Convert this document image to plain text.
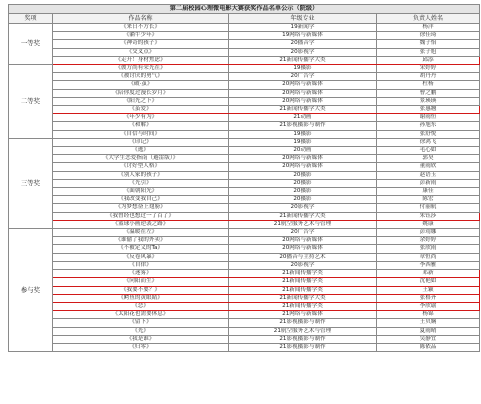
第二届校园心理微电影大赛获奖作品名单公示（院级）			
奖项	作品名称	年级专业	负责人姓名
一等奖	《来日不方长》	19新闻学	杨洋
	《躺牛少年》	19网络与新媒体	徐佳琦
	《神奇的孩子》	20播音学	魏子怡
	《交叉点》	20影视学	张子旭
	《走开！身材焦虑》	21新闻传播学大类	邱添
二等奖	《彼方尚有荣光在》	19摄影	宋婷婷
	《被讨厌的勇气》	20广告学	胡丹丹
	《破·茧》	20网络与新媒体	杜杨
	《陪你度过漫长岁月》	20网络与新媒体	曹之鹏
	《阳光之下》	20网络与新媒体	景瑛瑛
	《茧爱》	21新闻传播学大类	张惠翘
	《年少有为》	21动画	谢雨恒
	《和解》	21影视摄影与制作	孙旭东
	《自信与时间》	19摄影	张舒悦
三等奖	《印记》	19摄影	徐鸿飞
	《逃》	20动画	毛心如
	《大学生恋爱指南（避雷版）》	20网络与新媒体	郭昊
	《讨好型人格》	20网络与新媒体	董雨欣
	《别人家的孩子》	20摄影	赵语玉
	《光引》	20摄影	彭新雨
	《面朝阳光》	20摄影	康佳
	《我改变我自己》	20摄影	陈宏
	《为梦想奋上翅膀》	20影视学	付丽航
	《我曾经也想过一了百了》	21新闻传播学大类	朱钰莎
	《篮球小画逆袭之路》	21航空服务艺术与管理	姚康
参与奖	《温暖在左》	20广告学	彭靖娜
	《谁偷了我的外卖》	20网络与新媒体	余婷婷
	《不被定义的Ta》	20网络与新媒体	张欣雨
	《反卷风暴》	20播音与主持艺术	章恒尚
	《自律》	20影视学	李西雅
	《迷雾》	21新闻传播学类	邓新
	《向阳而生》	21新闻传播学类	沈艳如
	《我要不要？》	21新闻传播学类	王颖
	《鳄鱼的黄眼睛》	21新闻传播学大类	张格齐
	《恋》	21新闻传播学类	李欣谕
	《太阳花也需要休息》	21网络与新媒体	杨锦
	《留下》	21影视摄影与制作	王贝娴
	《光》	21航空服务艺术与管理	夏雨晴
	《我是谁》	21影视摄影与制作	吴静宜
	《归零》	21影视摄影与制作	陈依品
